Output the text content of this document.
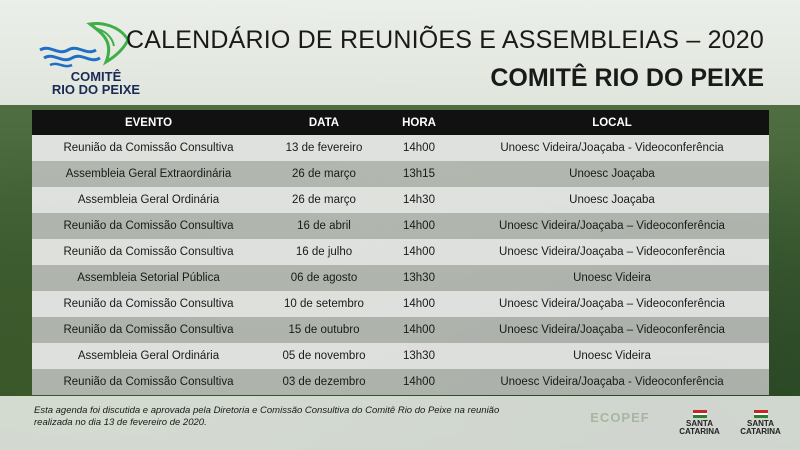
COMITÊ
RIO DO PEIXE
CALENDÁRIO DE REUNIÕES E ASSEMBLEIAS – 2020
COMITÊ RIO DO PEIXE
EVENTO	DATA	HORA	LOCAL
Reunião da Comissão Consultiva	13 de fevereiro	14h00	Unoesc Videira/Joaçaba - Videoconferência
Assembleia Geral Extraordinária	26 de março	13h15	Unoesc Joaçaba
Assembleia Geral Ordinária	26 de março	14h30	Unoesc Joaçaba
Reunião da Comissão Consultiva	16 de abril	14h00	Unoesc Videira/Joaçaba – Videoconferência
Reunião da Comissão Consultiva	16 de julho	14h00	Unoesc Videira/Joaçaba – Videoconferência
Assembleia Setorial Pública	06 de agosto	13h30	Unoesc Videira
Reunião da Comissão Consultiva	10 de setembro	14h00	Unoesc Videira/Joaçaba – Videoconferência
Reunião da Comissão Consultiva	15 de outubro	14h00	Unoesc Videira/Joaçaba – Videoconferência
Assembleia Geral Ordinária	05 de novembro	13h30	Unoesc Videira
Reunião da Comissão Consultiva	03 de dezembro	14h00	Unoesc Videira/Joaçaba - Videoconferência
Esta agenda foi discutida e aprovada pela Diretoria e Comissão Consultiva do Comitê Rio do Peixe na reunião
realizada no dia 13 de fevereiro de 2020.	ECOPEF	SANTA
CATARINA
SANTA
CATARINA
